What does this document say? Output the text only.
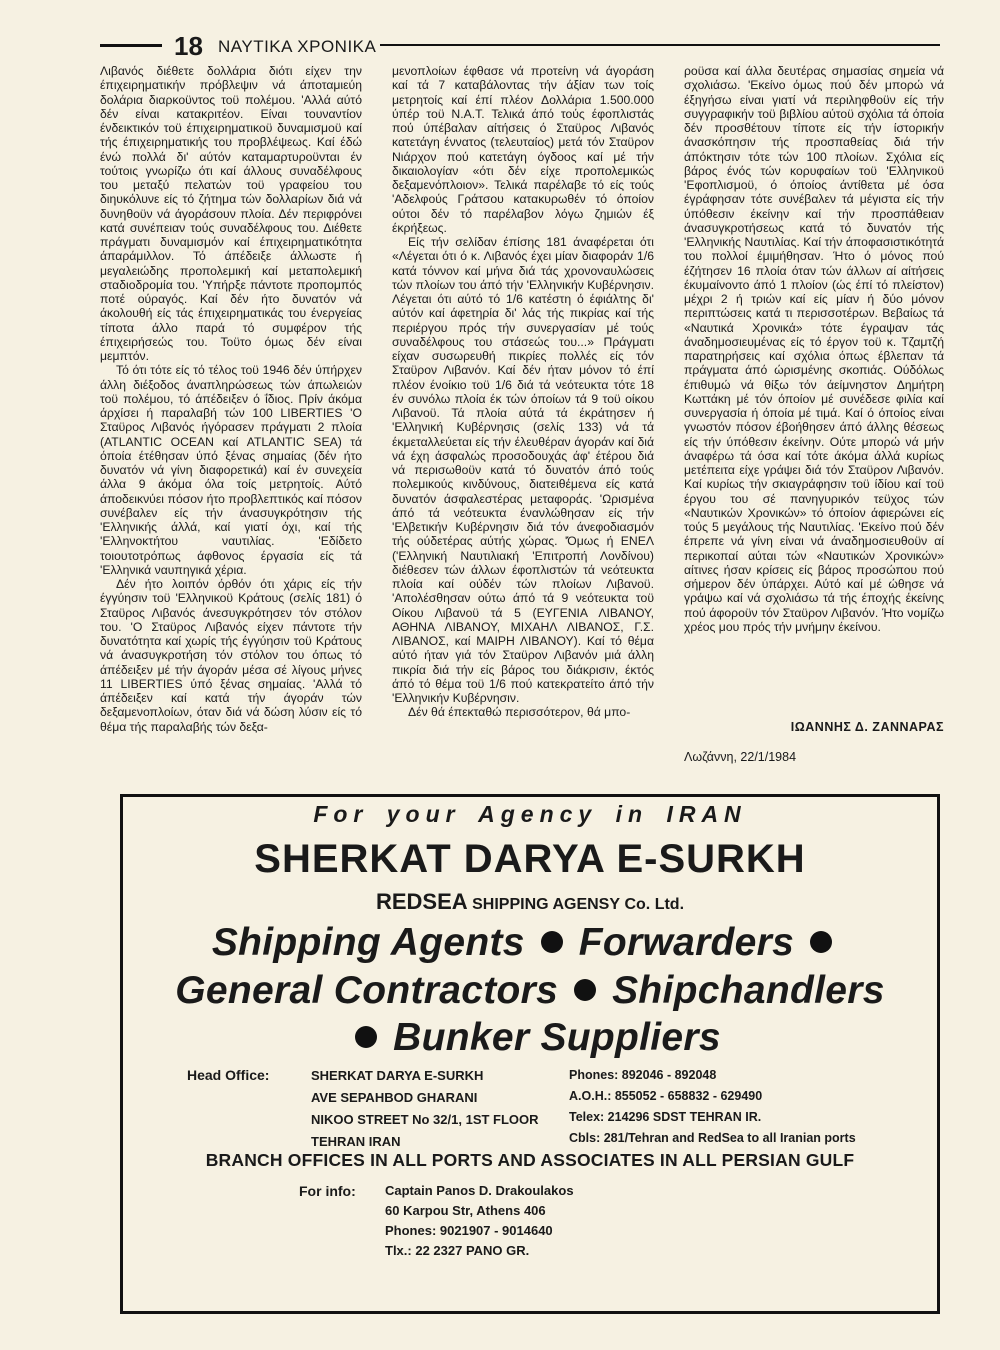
18 ΝΑΥΤΙΚΑ ΧΡΟΝΙΚΑ

Λιβανός διέθετε δολλάρια διότι είχεν την έπιχειρηματικήν πρόβλεψιν νά άποταμιεύη δολάρια διαρκοϋντος τοϋ πολέμου. 'Αλλά αύτό δέν είναι κατακριτέον. Είναι τουναντίον ένδεικτικόν τοϋ έπιχειρηματικοϋ δυναμισμοϋ καί τής έπιχειρηματικής του προβλέψεως. Καί έδώ ένώ πολλά δι' αύτόν καταμαρτυροϋνται έν τούτοις γνωρίζω ότι καί άλλους συναδέλφους του μεταξύ πελατών τοϋ γραφείου του διηυκόλυνε είς τό ζήτημα τών δολλαρίων διά νά δυνηθοϋν νά άγοράσουν πλοία. Δέν περιφρόνει κατά συνέπειαν τούς συναδέλφους του. Διέθετε πράγματι δυναμισμόν καί έπιχειρηματικότητα άπαράμιλλον. Τό άπέδειξε άλλωστε ή μεγαλειώδης προπολεμική καί μεταπολεμική σταδιοδρομία του. 'Υπήρξε πάντοτε προπομπός ποτέ ούραγός. Καί δέν ήτο δυνατόν νά άκολουθή είς τάς έπιχειρηματικάς του ένεργείας τίποτα άλλο παρά τό συμφέρον τής έπιχειρήσεώς του. Τοϋτο όμως δέν είναι μεμπτόν.

Τό ότι τότε είς τό τέλος τοϋ 1946 δέν ύπήρχεν άλλη διέξοδος άναπληρώσεως τών άπωλειών τοϋ πολέμου, τό άπέδειξεν ό ΐδιος. Πρίν άκόμα άρχίσει ή παραλαβή τών 100 LIBERTIES 'Ο Σταϋρος Λιβανός ήγόρασεν πράγματι 2 πλοία (ATLANTIC OCEAN καί ATLANTIC SEA) τά όποία έτέθησαν ύπό ξένας σημαίας (δέν ήτο δυνατόν νά γίνη διαφορετικά) καί έν συνεχεία άλλα 9 άκόμα όλα τοίς μετρητοίς. Αύτό άποδεικνύει πόσον ήτο προβλεπτικός καί πόσον συνέβαλεν είς τήν άνασυγκρότησιν τής 'Ελληνικής άλλά, καί γιατί όχι, καί τής 'Ελληνοκτήτου ναυτιλίας. 'Εδίδετο τοιουτοτρόπως άφθονος έργασία είς τά 'Ελληνικά ναυπηγικά χέρια.

Δέν ήτο λοιπόν όρθόν ότι χάρις είς τήν έγγύησιν τοϋ 'Ελληνικοϋ Κράτους (σελίς 181) ό Σταϋρος Λιβανός άνεσυγκρότησεν τόν στόλον του. 'Ο Σταϋρος Λιβανός είχεν πάντοτε τήν δυνατότητα καί χωρίς τής έγγύησιν τοϋ Κράτους νά άνασυγκροτήση τόν στόλον του όπως τό άπέδειξεν μέ τήν άγοράν μέσα σέ λίγους μήνες 11 LIBERTIES ύπό ξένας σημαίας. 'Αλλά τό άπέδειξεν καί κατά τήν άγοράν τών δεξαμενοπλοίων, όταν διά νά δώση λύσιν είς τό θέμα τής παραλαβής τών δεξα-

μενοπλοίων έφθασε νά προτείνη νά άγοράση καί τά 7 καταβάλοντας τήν άξίαν των τοίς μετρητοίς καί έπί πλέον Δολλάρια 1.500.000 ύπέρ τοϋ Ν.Α.Τ. Τελικά άπό τούς έφοπλιστάς πού ύπέβαλαν αίτήσεις ό Σταϋρος Λιβανός κατετάγη έννατος (τελευταίος) μετά τόν Σταϋρον Νιάρχον πού κατετάγη όγδοος καί μέ τήν δικαιολογίαν «ότι δέν είχε προπολεμικώς δεξαμενόπλοιον». Τελικά παρέλαβε τό είς τούς 'Αδελφούς Γράτσου κατακυρωθέν τό όποίον ούτοι δέν τό παρέλαβον λόγω ζημιών έξ έκρήξεως.

Είς τήν σελίδαν έπίσης 181 άναφέρεται ότι «Λέγεται ότι ό κ. Λιβανός έχει μίαν διαφοράν 1/6 κατά τόννον καί μήνα διά τάς χρονοναυλώσεις τών πλοίων του άπό τήν 'Ελληνικήν Κυβέρνησιν. Λέγεται ότι αύτό τό 1/6 κατέστη ό έφιάλτης δι' αύτόν καί άφετηρία δι' λάς τής πικρίας καί τής περιέργου πρός τήν συνεργασίαν μέ τούς συναδέλφους του στάσεώς του...» Πράγματι είχαν συσωρευθή πικρίες πολλές είς τόν Σταϋρον Λιβανόν. Καί δέν ήταν μόνον τό έπί πλέον ένοίκιο τοϋ 1/6 διά τά νεότευκτα τότε 18 έν συνόλω πλοία έκ τών όποίων τά 9 τοϋ οίκου Λιβανοϋ. Τά πλοία αύτά τά έκράτησεν ή 'Ελληνική Κυβέρνησις (σελίς 133) νά τά έκμεταλλεύεται είς τήν έλευθέραν άγοράν καί διά νά έχη άσφαλώς προσοδουχάς άφ' έτέρου διά νά περισωθοϋν κατά τό δυνατόν άπό τούς πολεμικούς κινδύνους, διατειθέμενα είς κατά δυνατόν άσφαλεστέρας μεταφοράς. 'Ωρισμένα άπό τά νεότευκτα ένανλώθησαν είς τήν 'Ελβετικήν Κυβέρνησιν διά τόν άνεφοδιασμόν τής ούδετέρας αύτής χώρας. 'Όμως ή ΕΝΕΛ ('Ελληνική Ναυτιλιακή 'Επιτροπή Λονδίνου) διέθεσεν τών άλλων έφοπλιστών τά νεότευκτα πλοία καί ούδέν τών πλοίων Λιβανοϋ. 'Απολέσθησαν ούτω άπό τά 9 νεότευκτα τοϋ Οίκου Λιβανοϋ τά 5 (ΕΥΓΕΝΙΑ ΛΙΒΑΝΟΥ, ΑΘΗΝΑ ΛΙΒΑΝΟΥ, ΜΙΧΑΗΛ ΛΙΒΑΝΟΣ, Γ.Σ. ΛΙΒΑΝΟΣ, καί ΜΑΙΡΗ ΛΙΒΑΝΟΥ). Καί τό θέμα αύτό ήταν γιά τόν Σταϋρον Λιβανόν μιά άλλη πικρία διά τήν είς βάρος του διάκρισιν, έκτός άπό τό θέμα τοϋ 1/6 πού κατεκρατείτο άπό τήν 'Ελληνικήν Κυβέρνησιν.

Δέν θά έπεκταθώ περισσότερον, θά μπο-

ροϋσα καί άλλα δευτέρας σημασίας σημεία νά σχολιάσω. 'Εκείνο όμως πού δέν μπορώ νά έξηγήσω είναι γιατί νά περιληφθοϋν είς τήν συγγραφικήν τοϋ βιβλίου αύτοϋ σχόλια τά όποία δέν προσθέτουν τίποτε είς τήν ίστορικήν άνασκόπησιν τής προσπαθείας διά τήν άπόκτησιν τότε τών 100 πλοίων. Σχόλια είς βάρος ένός τών κορυφαίων τοϋ 'Ελληνικοϋ 'Εφοπλισμοϋ, ό όποίος άντίθετα μέ όσα έγράφησαν τότε συνέβαλεν τά μέγιστα είς τήν ύπόθεσιν έκείνην καί τήν προσπάθειαν άνασυγκροτήσεως κατά τό δυνατόν τής 'Ελληνικής Ναυτιλίας. Καί τήν άποφασιστικότητά του πολλοί έμιμήθησαν. Ήτο ό μόνος πού έζήτησεν 16 πλοία όταν τών άλλων αί αίτήσεις έκυμαίνοντο άπό 1 πλοίον (ώς έπί τό πλείστον) μέχρι 2 ή τριών καί είς μίαν ή δύο μόνον περιπτώσεις κατά τι περισσοτέρων. Βεβαίως τά «Ναυτικά Χρονικά» τότε έγραψαν τάς άναδημοσιευμένας είς τό έργον τοϋ κ. Τζαμτζή παρατηρήσεις καί σχόλια όπως έβλεπαν τά πράγματα άπό ώρισμένης σκοπιάς. Ούδόλως έπιθυμώ νά θίξω τόν άείμνηστον Δημήτρη Κωττάκη μέ τόν όποίον μέ συνέδεσε φιλία καί συνεργασία ή όποία μέ τιμά. Καί ό όποίος είναι γνωστόν πόσον έβοήθησεν άπό άλλης θέσεως είς τήν ύπόθεσιν έκείνην. Ούτε μπορώ νά μήν άναφέρω τά όσα καί τότε άκόμα άλλά κυρίως μετέπειτα είχε γράψει διά τόν Σταϋρον Λιβανόν. Καί κυρίως τήν σκιαγράφησιν τοϋ ίδίου καί τοϋ έργου του σέ πανηγυρικόν τεϋχος τών «Ναυτικών Χρονικών» τό όποίον άφιερώνει είς τούς 5 μεγάλους τής Ναυτιλίας. 'Εκείνο πού δέν έπρεπε νά γίνη είναι νά άναδημοσιευθοϋν αί περικοπαί αύται τών «Ναυτικών Χρονικών» αίτινες ήσαν κρίσεις είς βάρος προσώπου πού σήμερον δέν ύπάρχει. Αύτό καί μέ ώθησε νά γράψω καί νά σχολιάσω τά τής έποχής έκείνης πού άφοροϋν τόν Σταϋρον Λιβανόν. Ήτο νομίζω χρέος μου πρός τήν μνήμην έκείνου.

ΙΩΑΝΝΗΣ Δ. ΖΑΝΝΑΡΑΣ
Λωζάννη, 22/1/1984
For your Agency in IRAN
SHERKAT DARYA E-SURKH
REDSEA SHIPPING AGENSY Co. Ltd.
Shipping Agents Forwarders
General Contractors Shipchandlers
Bunker Suppliers
Head Office:	SHERKAT DARYA E-SURKH
AVE SEPAHBOD GHARANI
NIKOO STREET No 32/1, 1ST FLOOR
TEHRAN IRAN
Phones: 892046 - 892048
A.O.H.: 855052 - 658832 - 629490
Telex: 214296 SDST TEHRAN IR.
Cbls: 281/Tehran and RedSea to all Iranian ports
BRANCH OFFICES IN ALL PORTS AND ASSOCIATES IN ALL PERSIAN GULF
For info: Captain Panos D. Drakoulakos
60 Karpou Str, Athens 406
Phones: 9021907 - 9014640
Tlx.: 22 2327 PANO GR.
